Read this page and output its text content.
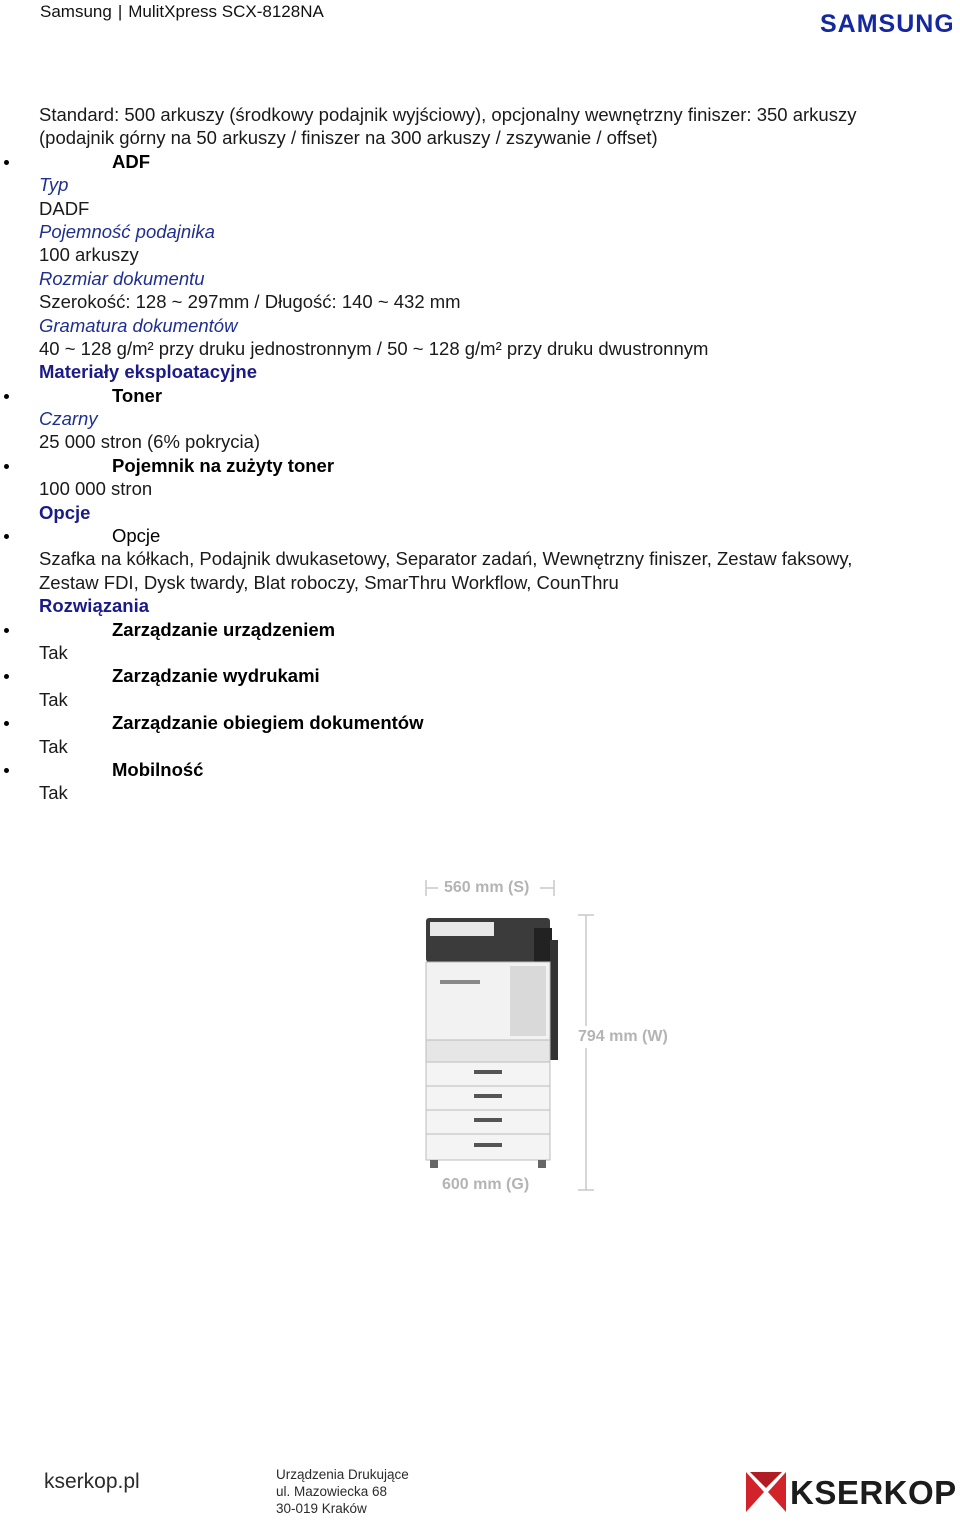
Samsung | MulitXpress SCX-8128NA	SAMSUNG
Standard: 500 arkuszy (środkowy podajnik wyjściowy), opcjonalny wewnętrzny finiszer: 350 arkuszy
(podajnik górny na 50 arkuszy / finiszer na 300 arkuszy / zszywanie / offset)
ADF
Typ
DADF
Pojemność podajnika
100 arkuszy
Rozmiar dokumentu
Szerokość: 128 ~ 297mm / Długość: 140 ~ 432 mm
Gramatura dokumentów
40 ~ 128 g/m² przy druku jednostronnym / 50 ~ 128 g/m² przy druku dwustronnym
Materiały eksploatacyjne
Toner
Czarny
25 000 stron (6% pokrycia)
Pojemnik na zużyty toner
100 000 stron
Opcje
Opcje
Szafka na kółkach, Podajnik dwukasetowy, Separator zadań, Wewnętrzny finiszer, Zestaw faksowy,
Zestaw FDI, Dysk twardy, Blat roboczy, SmarThru Workflow, CounThru
Rozwiązania
Zarządzanie urządzeniem
Tak
Zarządzanie wydrukami
Tak
Zarządzanie obiegiem dokumentów
Tak
Mobilność
Tak
560 mm (S)
794 mm (W)
600 mm (G)
kserkop.pl	Urządzenia Drukujące
ul. Mazowiecka 68
30-019 Kraków	KSERKOP
